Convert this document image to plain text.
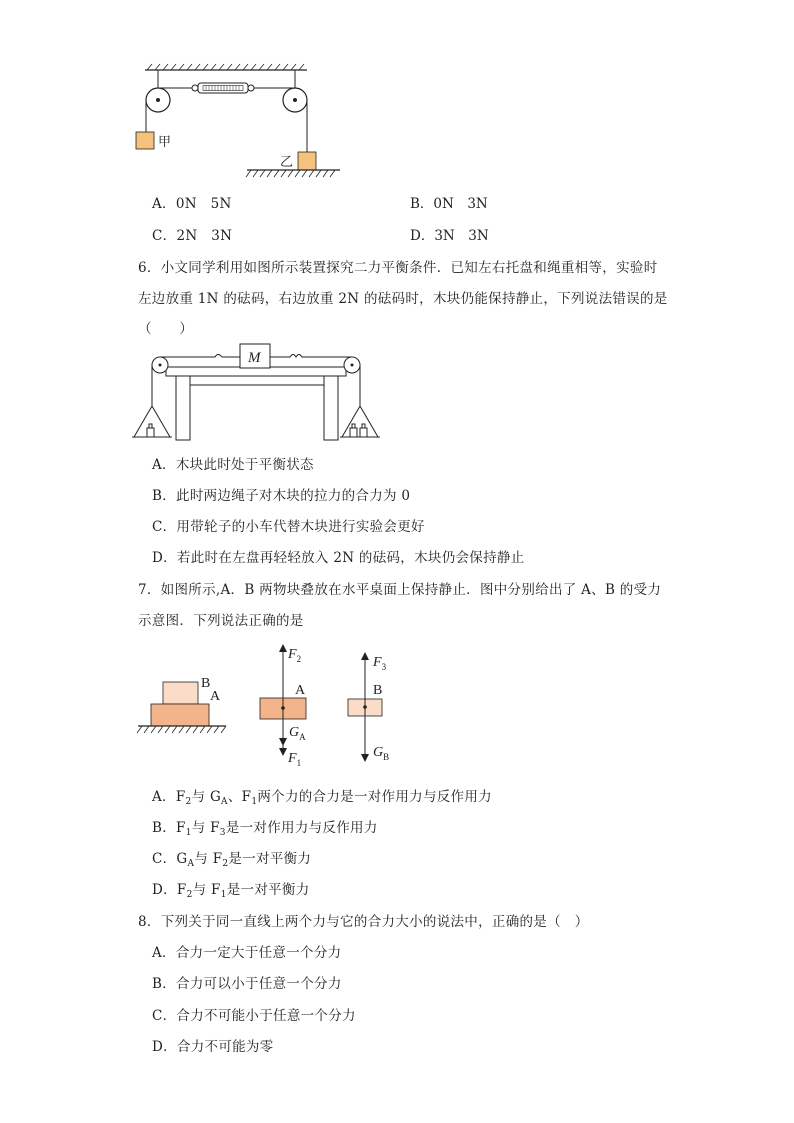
甲
乙
A．0N　5N	B．0N　3N
C．2N　3N	D．3N　3N
6．小文同学利用如图所示装置探究二力平衡条件．已知左右托盘和绳重相等，实验时
左边放重 1N 的砝码，右边放重 2N 的砝码时，木块仍能保持静止，下列说法错误的是
（　　）
M
A．木块此时处于平衡状态
B．此时两边绳子对木块的拉力的合力为 0
C．用带轮子的小车代替木块进行实验会更好
D．若此时在左盘再轻轻放入 2N 的砝码，木块仍会保持静止
7．如图所示,A．B 两物块叠放在水平桌面上保持静止．图中分别给出了 A、B 的受力
示意图．下列说法正确的是
B
A
$F_2$
A
$G_A$
$F_1$
$F_3$
B
$G_B$
A．$F_2$与 $G_A$、$F_1$两个力的合力是一对作用力与反作用力
B．$F_1$与 $F_3$是一对作用力与反作用力
C．$G_A$与 $F_2$是一对平衡力
D．$F_2$与 $F_1$是一对平衡力
8．下列关于同一直线上两个力与它的合力大小的说法中，正确的是（　）
A．合力一定大于任意一个分力
B．合力可以小于任意一个分力
C．合力不可能小于任意一个分力
D．合力不可能为零
